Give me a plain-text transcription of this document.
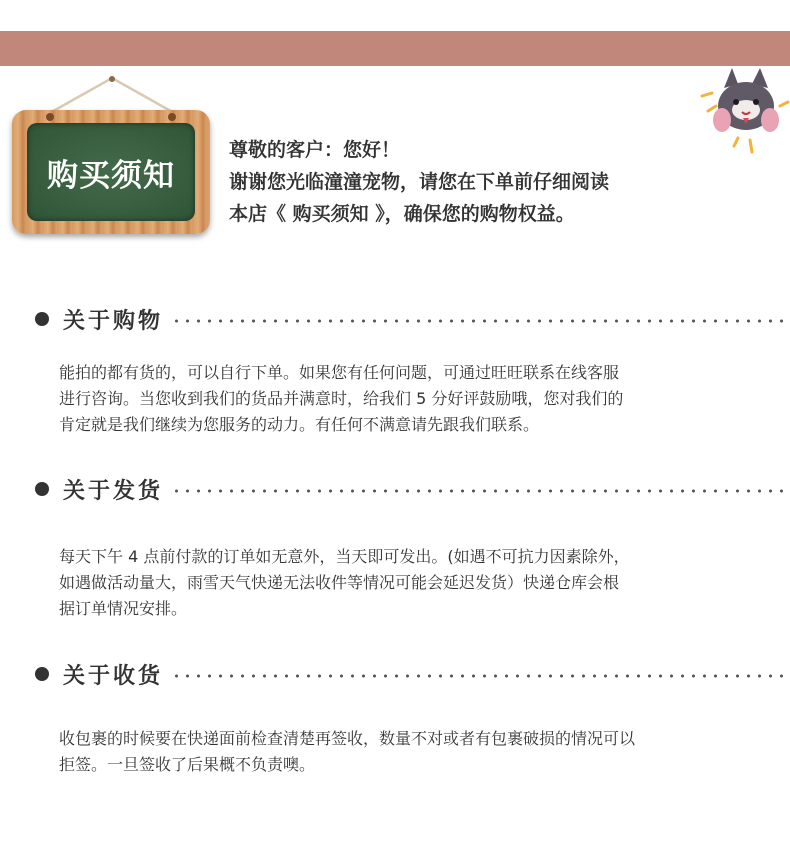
购买须知
尊敬的客户：您好！
谢谢您光临潼潼宠物，请您在下单前仔细阅读
本店《 购买须知 》，确保您的购物权益。
关于购物
能拍的都有货的，可以自行下单。如果您有任何问题，可通过旺旺联系在线客服
进行咨询。当您收到我们的货品并满意时，给我们 5 分好评鼓励哦，您对我们的
肯定就是我们继续为您服务的动力。有任何不满意请先跟我们联系。
关于发货
每天下午 4 点前付款的订单如无意外，当天即可发出。(如遇不可抗力因素除外，
如遇做活动量大，雨雪天气快递无法收件等情况可能会延迟发货）快递仓库会根
据订单情况安排。
关于收货
收包裹的时候要在快递面前检查清楚再签收，数量不对或者有包裹破损的情况可以
拒签。一旦签收了后果概不负责噢。
